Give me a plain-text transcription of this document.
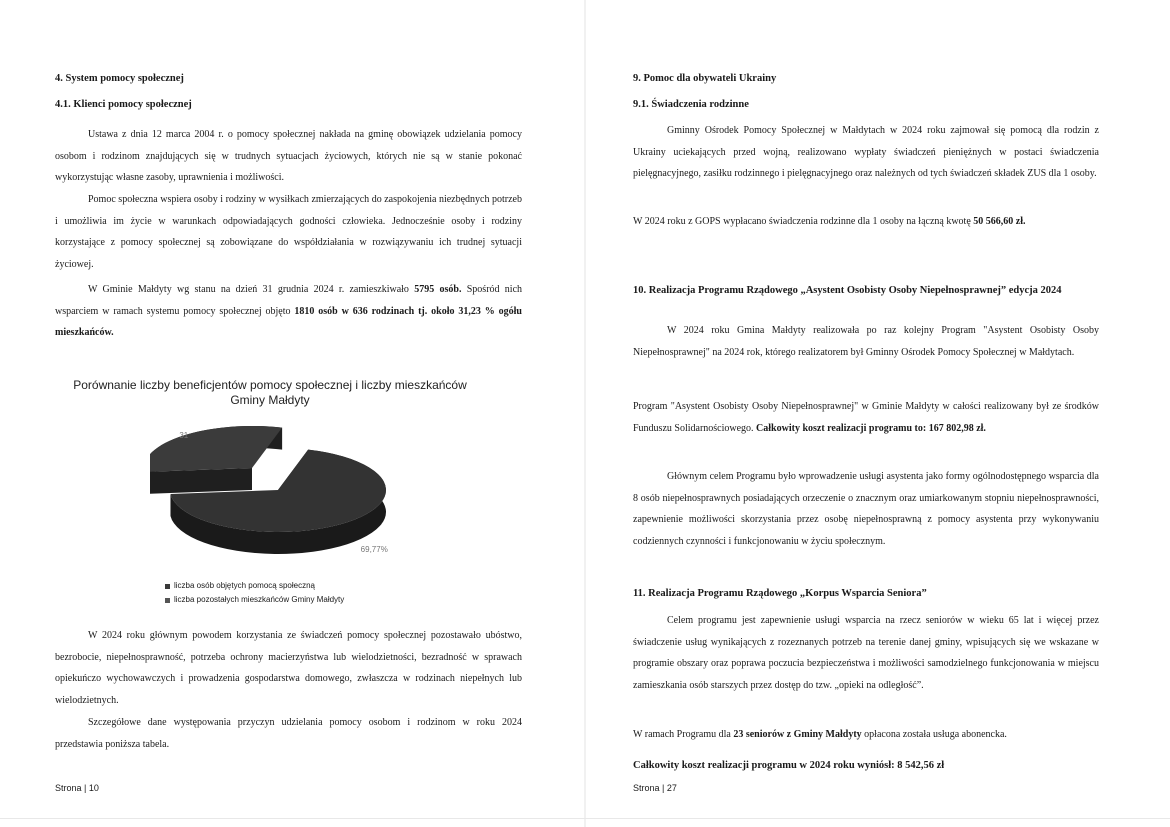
4. System pomocy społecznej
4.1. Klienci pomocy społecznej
Ustawa z dnia 12 marca 2004 r. o pomocy społecznej nakłada na gminę obowiązek udzielania pomocy osobom i rodzinom znajdujących się w trudnych sytuacjach życiowych, których nie są w stanie pokonać wykorzystując własne zasoby, uprawnienia i możliwości.
Pomoc społeczna wspiera osoby i rodziny w wysiłkach zmierzających do zaspokojenia niezbędnych potrzeb i umożliwia im życie w warunkach odpowiadających godności człowieka. Jednocześnie osoby i rodziny korzystające z pomocy społecznej są zobowiązane do współdziałania w rozwiązywaniu ich trudnej sytuacji życiowej.
W Gminie Małdyty wg stanu na dzień 31 grudnia 2024 r. zamieszkiwało 5795 osób. Spośród nich wsparciem w ramach systemu pomocy społecznej objęto 1810 osób w 636 rodzinach tj. około 31,23 % ogółu mieszkańców.
Porównanie liczby beneficjentów pomocy społecznej i liczby mieszkańców Gminy Małdyty
31
69,77%
liczba osób objętych pomocą społeczną
liczba pozostałych mieszkańców Gminy Małdyty
W 2024 roku głównym powodem korzystania ze świadczeń pomocy społecznej pozostawało ubóstwo, bezrobocie, niepełnosprawność, potrzeba ochrony macierzyństwa lub wielodzietności, bezradność w sprawach opiekuńczo wychowawczych i prowadzenia gospodarstwa domowego, zwłaszcza w rodzinach niepełnych lub wielodzietnych.
Szczegółowe dane występowania przyczyn udzielania pomocy osobom i rodzinom w roku 2024 przedstawia poniższa tabela.
Strona | 10
9. Pomoc dla obywateli Ukrainy
9.1. Świadczenia rodzinne
Gminny Ośrodek Pomocy Społecznej w Małdytach w 2024 roku zajmował się pomocą dla rodzin z Ukrainy uciekających przed wojną, realizowano wypłaty świadczeń pieniężnych w postaci świadczenia pielęgnacyjnego, zasiłku rodzinnego i pielęgnacyjnego oraz należnych od tych świadczeń składek ZUS dla 1 osoby.
W 2024 roku z GOPS wypłacano świadczenia rodzinne dla 1 osoby na łączną kwotę 50 566,60 zł.
10. Realizacja Programu Rządowego „Asystent Osobisty Osoby Niepełnosprawnej” edycja 2024
W 2024 roku Gmina Małdyty realizowała po raz kolejny Program "Asystent Osobisty Osoby Niepełnosprawnej" na 2024 rok, którego realizatorem był Gminny Ośrodek Pomocy Społecznej w Małdytach.
Program "Asystent Osobisty Osoby Niepełnosprawnej" w Gminie Małdyty w całości realizowany był ze środków Funduszu Solidarnościowego. Całkowity koszt realizacji programu to: 167 802,98 zł.
Głównym celem Programu było wprowadzenie usługi asystenta jako formy ogólnodostępnego wsparcia dla 8 osób niepełnosprawnych posiadających orzeczenie o znacznym oraz umiarkowanym stopniu niepełnosprawności, zapewnienie możliwości skorzystania przez osobę niepełnosprawną z pomocy asystenta przy wykonywaniu codziennych czynności i funkcjonowaniu w życiu społecznym.
11. Realizacja Programu Rządowego „Korpus Wsparcia Seniora”
Celem programu jest zapewnienie usługi wsparcia na rzecz seniorów w wieku 65 lat i więcej przez świadczenie usług wynikających z rozeznanych potrzeb na terenie danej gminy, wpisujących się we wskazane w programie obszary oraz poprawa poczucia bezpieczeństwa i możliwości samodzielnego funkcjonowania w miejscu zamieszkania osób starszych przez dostęp do tzw. „opieki na odległość”.
W ramach Programu dla 23 seniorów z Gminy Małdyty opłacona została usługa abonencka.
Całkowity koszt realizacji programu w 2024 roku wyniósł: 8 542,56 zł
Strona | 27
